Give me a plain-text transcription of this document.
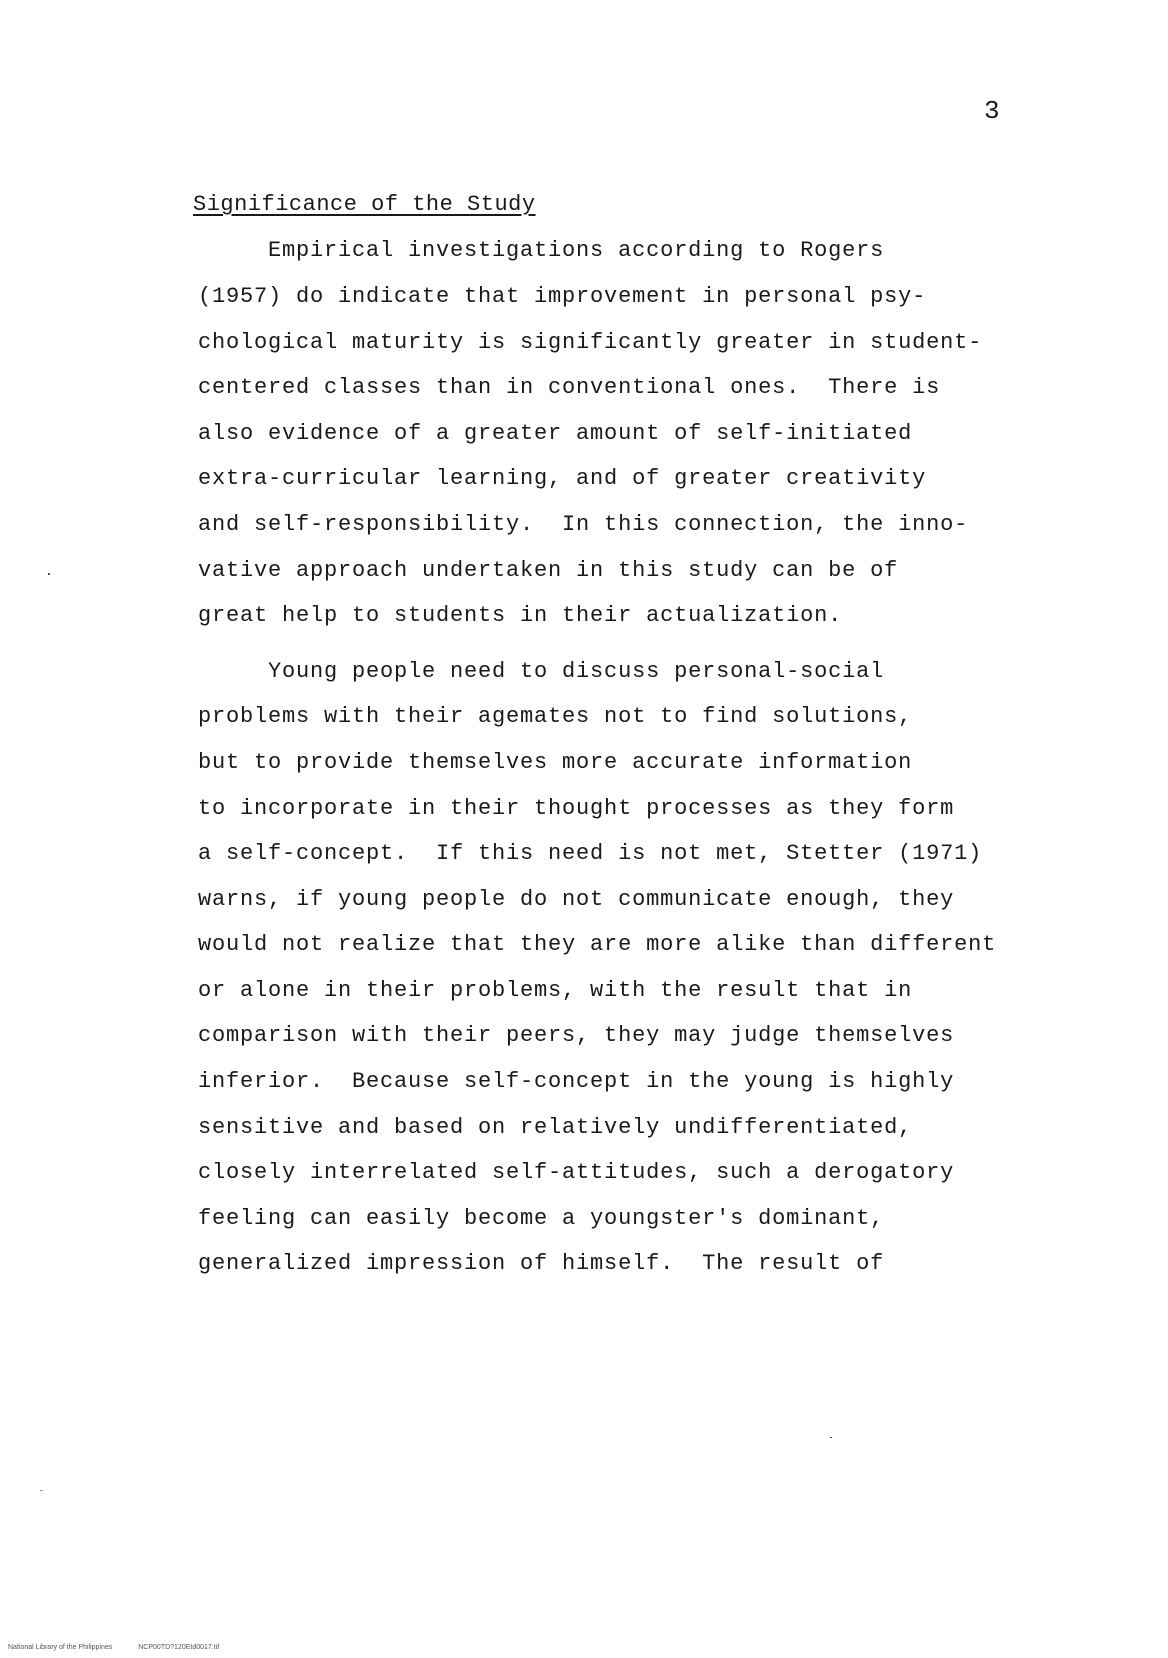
3
Significance of the Study
Empirical investigations according to Rogers
(1957) do indicate that improvement in personal psy-
chological maturity is significantly greater in student-
centered classes than in conventional ones.  There is
also evidence of a greater amount of self-initiated
extra-curricular learning, and of greater creativity
and self-responsibility.  In this connection, the inno-
vative approach undertaken in this study can be of
great help to students in their actualization.
Young people need to discuss personal-social
problems with their agemates not to find solutions,
but to provide themselves more accurate information
to incorporate in their thought processes as they form
a self-concept.  If this need is not met, Stetter (1971)
warns, if young people do not communicate enough, they
would not realize that they are more alike than different
or alone in their problems, with the result that in
comparison with their peers, they may judge themselves
inferior.  Because self-concept in the young is highly
sensitive and based on relatively undifferentiated,
closely interrelated self-attitudes, such a derogatory
feeling can easily become a youngster's dominant,
generalized impression of himself.  The result of
National Library of the Philippines	NCP00TD?120Etd0017.tif
